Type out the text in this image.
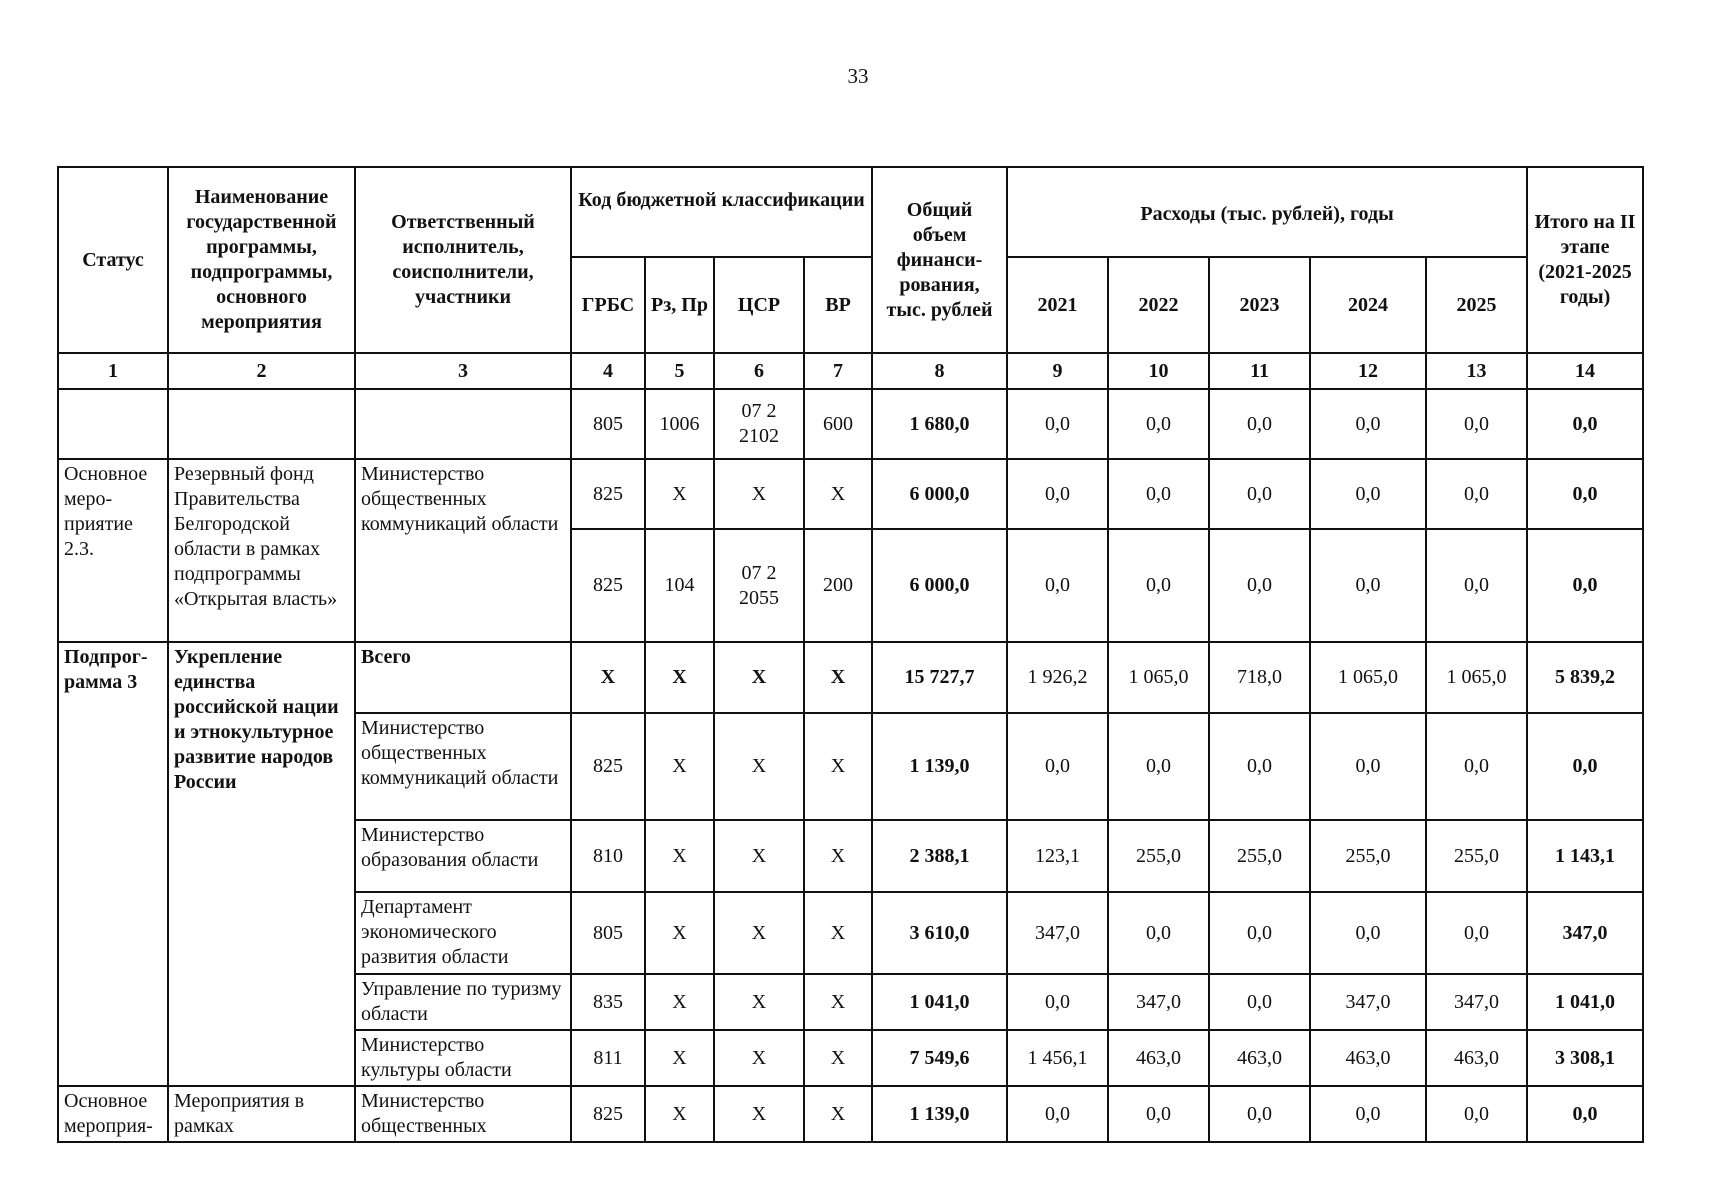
33
Статус	Наименование государственной программы, подпрограммы, основного мероприятия	Ответственный исполнитель, соисполнители, участники	Код бюджетной классификации				Общий объем финанси-рования, тыс. рублей	Расходы (тыс. рублей), годы					Итого на II этапе (2021-2025 годы)
			ГРБС	Рз, Пр	ЦСР	ВР		2021	2022	2023	2024	2025	
1	2	3	4	5	6	7	8	9	10	11	12	13	14
			805	1006	07 2 2102	600	1 680,0	0,0	0,0	0,0	0,0	0,0	0,0
Основное меро-приятие 2.3.	Резервный фонд Правительства Белгородской области в рамках подпрограммы «Открытая власть»	Министерство общественных коммуникаций области	825	Х	Х	Х	6 000,0	0,0	0,0	0,0	0,0	0,0	0,0
			825	104	07 2 2055	200	6 000,0	0,0	0,0	0,0	0,0	0,0	0,0
Подпрог-рамма 3	Укрепление единства российской нации и этнокультурное развитие народов России	Всего	Х	Х	Х	Х	15 727,7	1 926,2	1 065,0	718,0	1 065,0	1 065,0	5 839,2
		Министерство общественных коммуникаций области	825	Х	Х	Х	1 139,0	0,0	0,0	0,0	0,0	0,0	0,0
		Министерство образования области	810	Х	Х	Х	2 388,1	123,1	255,0	255,0	255,0	255,0	1 143,1
		Департамент экономического развития области	805	Х	Х	Х	3 610,0	347,0	0,0	0,0	0,0	0,0	347,0
		Управление по туризму области	835	Х	Х	Х	1 041,0	0,0	347,0	0,0	347,0	347,0	1 041,0
		Министерство культуры области	811	Х	Х	Х	7 549,6	1 456,1	463,0	463,0	463,0	463,0	3 308,1
Основное мероприя-	Мероприятия в рамках	Министерство общественных	825	Х	Х	Х	1 139,0	0,0	0,0	0,0	0,0	0,0	0,0
